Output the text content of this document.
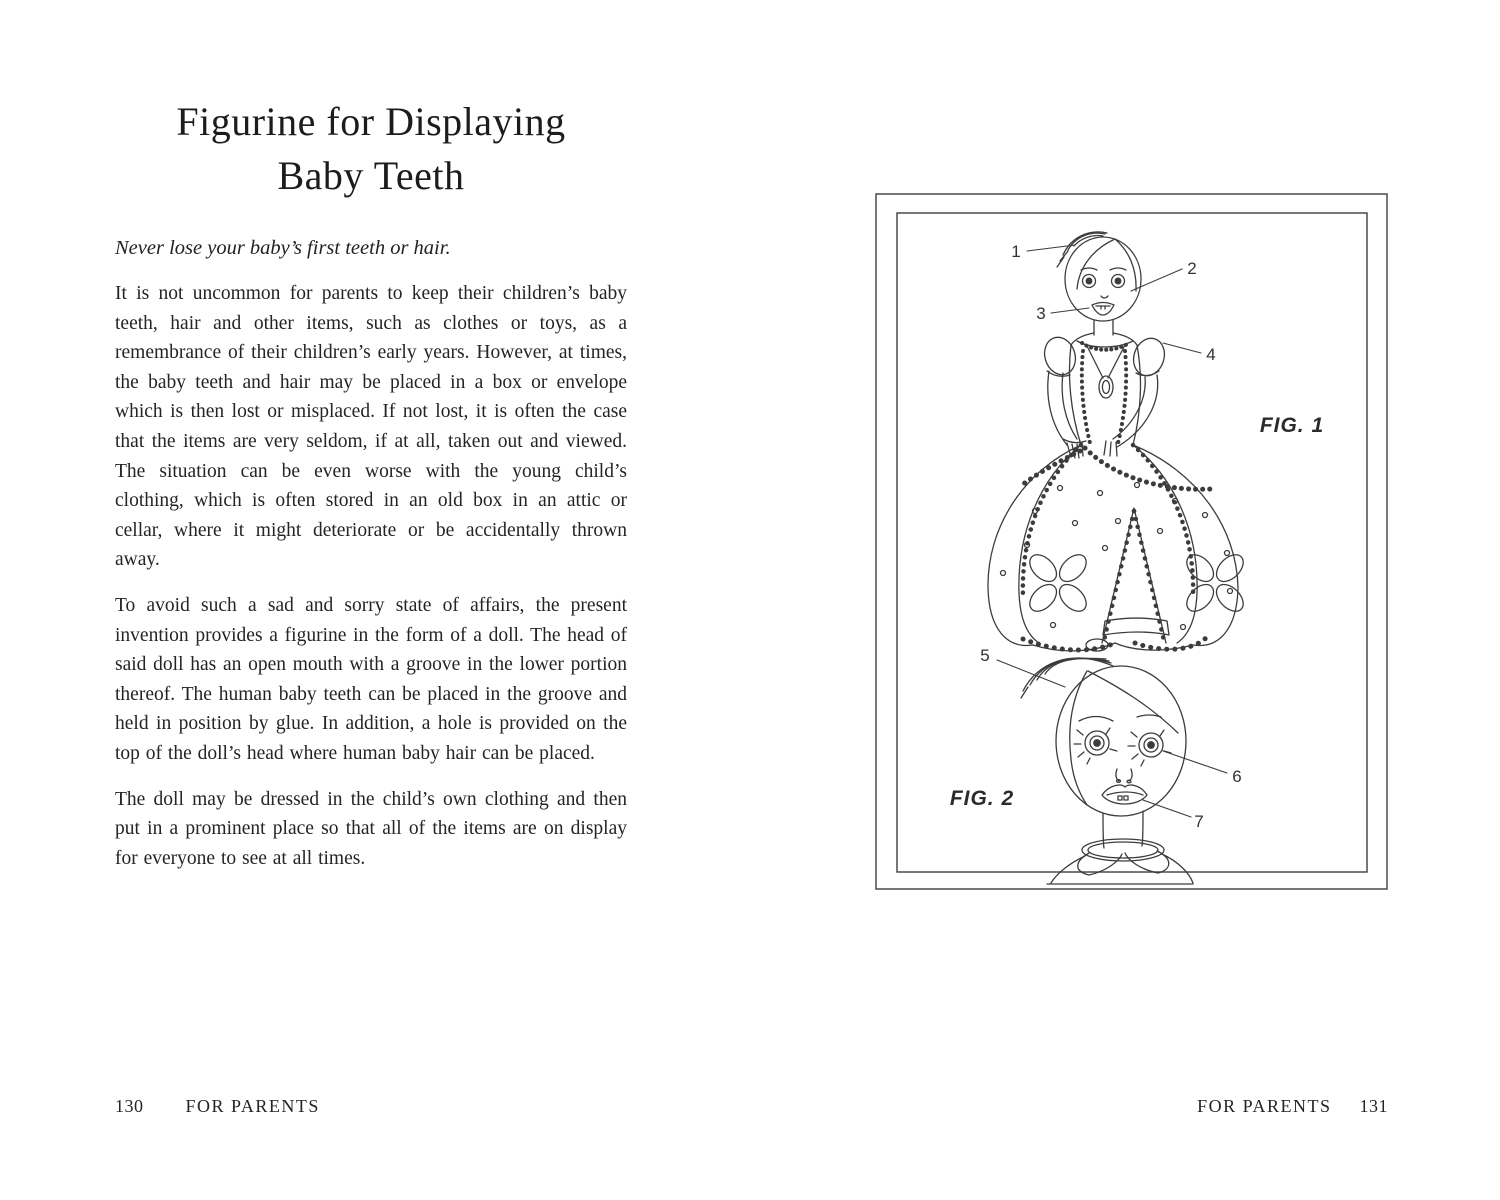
Figurine for Displaying
Baby Teeth

Never lose your baby’s first teeth or hair.

It is not uncommon for parents to keep their children’s baby teeth, hair and other items, such as clothes or toys, as a remembrance of their children’s early years. However, at times, the baby teeth and hair may be placed in a box or envelope which is then lost or misplaced. If not lost, it is often the case that the items are very seldom, if at all, taken out and viewed. The situation can be even worse with the young child’s clothing, which is often stored in an old box in an attic or cellar, where it might deteriorate or be accidentally thrown away.

To avoid such a sad and sorry state of affairs, the present invention provides a figurine in the form of a doll. The head of said doll has an open mouth with a groove in the lower portion thereof. The human baby teeth can be placed in the groove and held in position by glue. In addition, a hole is provided on the top of the doll’s head where human baby hair can be placed.

The doll may be dressed in the child’s own clothing and then put in a prominent place so that all of the items are on display for everyone to see at all times.

130 FOR PARENTS	FOR PARENTS 131
1
2
3
4
FIG. 1
5
6
7
FIG. 2
